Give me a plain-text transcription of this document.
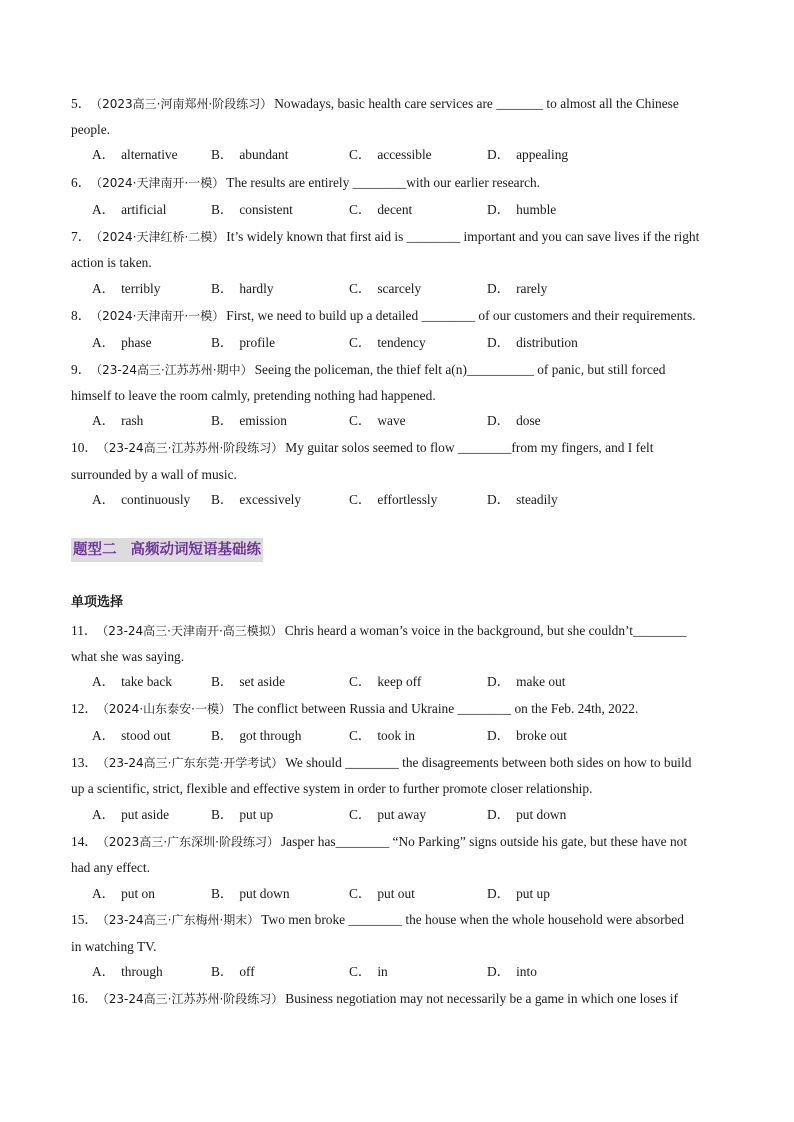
5． （2023高三·河南郑州·阶段练习） Nowadays, basic health care services are _______ to almost all the Chinese
people.
A． alternative B． abundant	C． accessible	D． appealing
6． （2024·天津南开·一模） The results are entirely ________with our earlier research.
A． artificial	B． consistent	C． decent	D． humble
7． （2024·天津红桥·二模） It’s widely known that first aid is ________ important and you can save lives if the right
action is taken.
A． terribly	B． hardly	C． scarcely	D． rarely
8． （2024·天津南开·一模） First, we need to build up a detailed ________ of our customers and their requirements.
A． phase	B． profile	C． tendency	D． distribution
9． （23-24高三·江苏苏州·期中） Seeing the policeman, the thief felt a(n)__________ of panic, but still forced
himself to leave the room calmly, pretending nothing had happened.
A． rash	B． emission	C． wave	D． dose
10． （23-24高三·江苏苏州·阶段练习） My guitar solos seemed to flow ________from my fingers, and I felt
surrounded by a wall of music.
A． continuously B． excessively	C． effortlessly	D． steadily
题型二 高频动词短语基础练
单项选择
11． （23-24高三·天津南开·高三模拟） Chris heard a woman’s voice in the background, but she couldn’t________
what she was saying.
A． take back	B． set aside	C． keep off	D． make out
12． （2024·山东泰安·一模） The conflict between Russia and Ukraine ________ on the Feb. 24th, 2022.
A． stood out	B． got through	C． took in	D． broke out
13． （23-24高三·广东东莞·开学考试） We should ________ the disagreements between both sides on how to build
up a scientific, strict, flexible and effective system in order to further promote closer relationship.
A． put aside	B． put up	C． put away	D． put down
14． （2023高三·广东深圳·阶段练习） Jasper has________ “No Parking” signs outside his gate, but these have not
had any effect.
A． put on	B． put down	C． put out	D． put up
15． （23-24高三·广东梅州·期末） Two men broke ________ the house when the whole household were absorbed
in watching TV.
A． through	B． off	C． in	D． into
16． （23-24高三·江苏苏州·阶段练习） Business negotiation may not necessarily be a game in which one loses if
